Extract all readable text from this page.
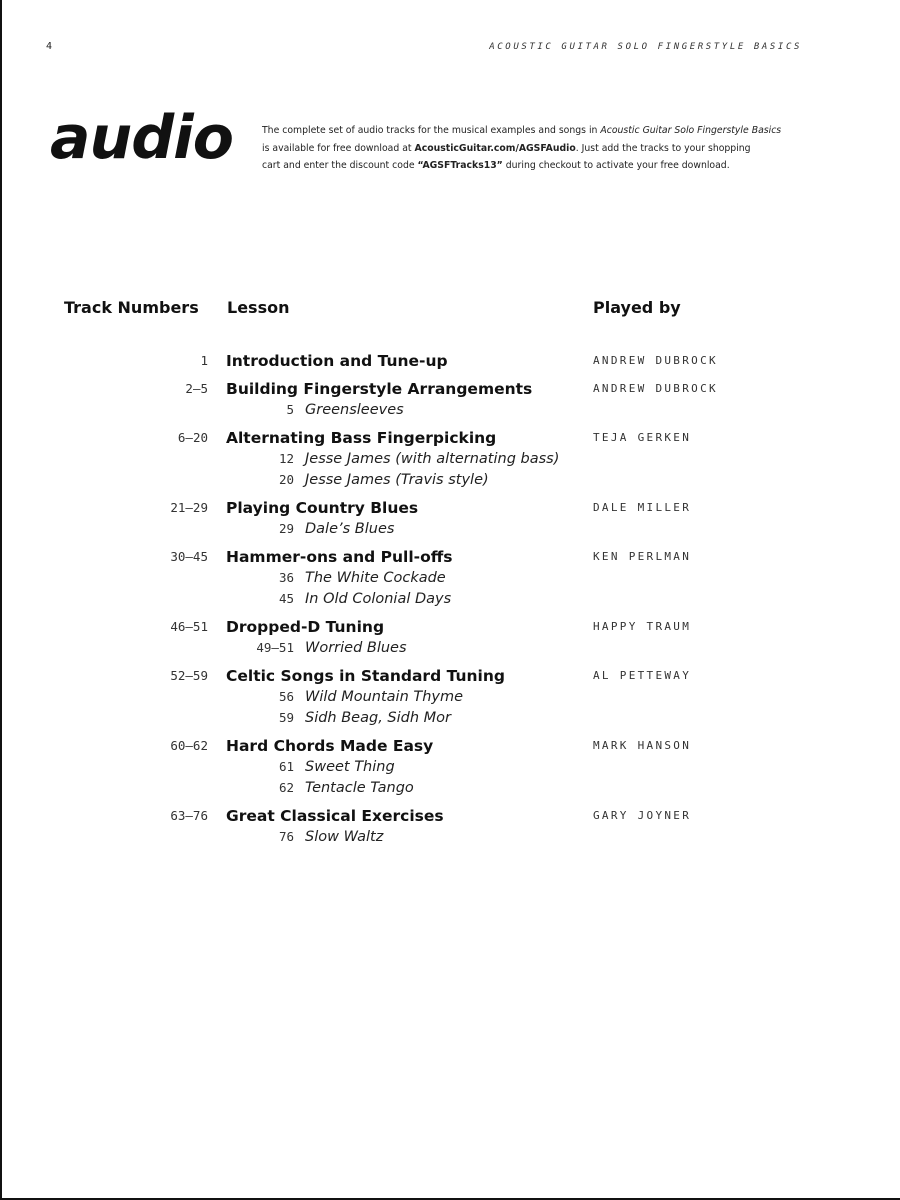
4	ACOUSTIC GUITAR SOLO FINGERSTYLE BASICS
audio	The complete set of audio tracks for the musical examples and songs in Acoustic Guitar Solo Fingerstyle Basics

is available for free download at AcousticGuitar.com/AGSFAudio. Just add the tracks to your shopping

cart and enter the discount code “AGSFTracks13” during checkout to activate your free download.

Track Numbers Lesson	Played by
1 Introduction and Tune-up	ANDREW DUBROCK
2–5 Building Fingerstyle Arrangements	ANDREW DUBROCK
5 Greensleeves
6–20 Alternating Bass Fingerpicking	TEJA GERKEN
12 Jesse James (with alternating bass)
20 Jesse James (Travis style)
21–29 Playing Country Blues	DALE MILLER
29 Dale’s Blues
30–45 Hammer-ons and Pull-offs	KEN PERLMAN
36 The White Cockade
45 In Old Colonial Days
46–51 Dropped-D Tuning	HAPPY TRAUM
49–51 Worried Blues
52–59 Celtic Songs in Standard Tuning	AL PETTEWAY
56 Wild Mountain Thyme
59 Sidh Beag, Sidh Mor
60–62 Hard Chords Made Easy	MARK HANSON
61 Sweet Thing
62 Tentacle Tango
63–76 Great Classical Exercises	GARY JOYNER
76 Slow Waltz
